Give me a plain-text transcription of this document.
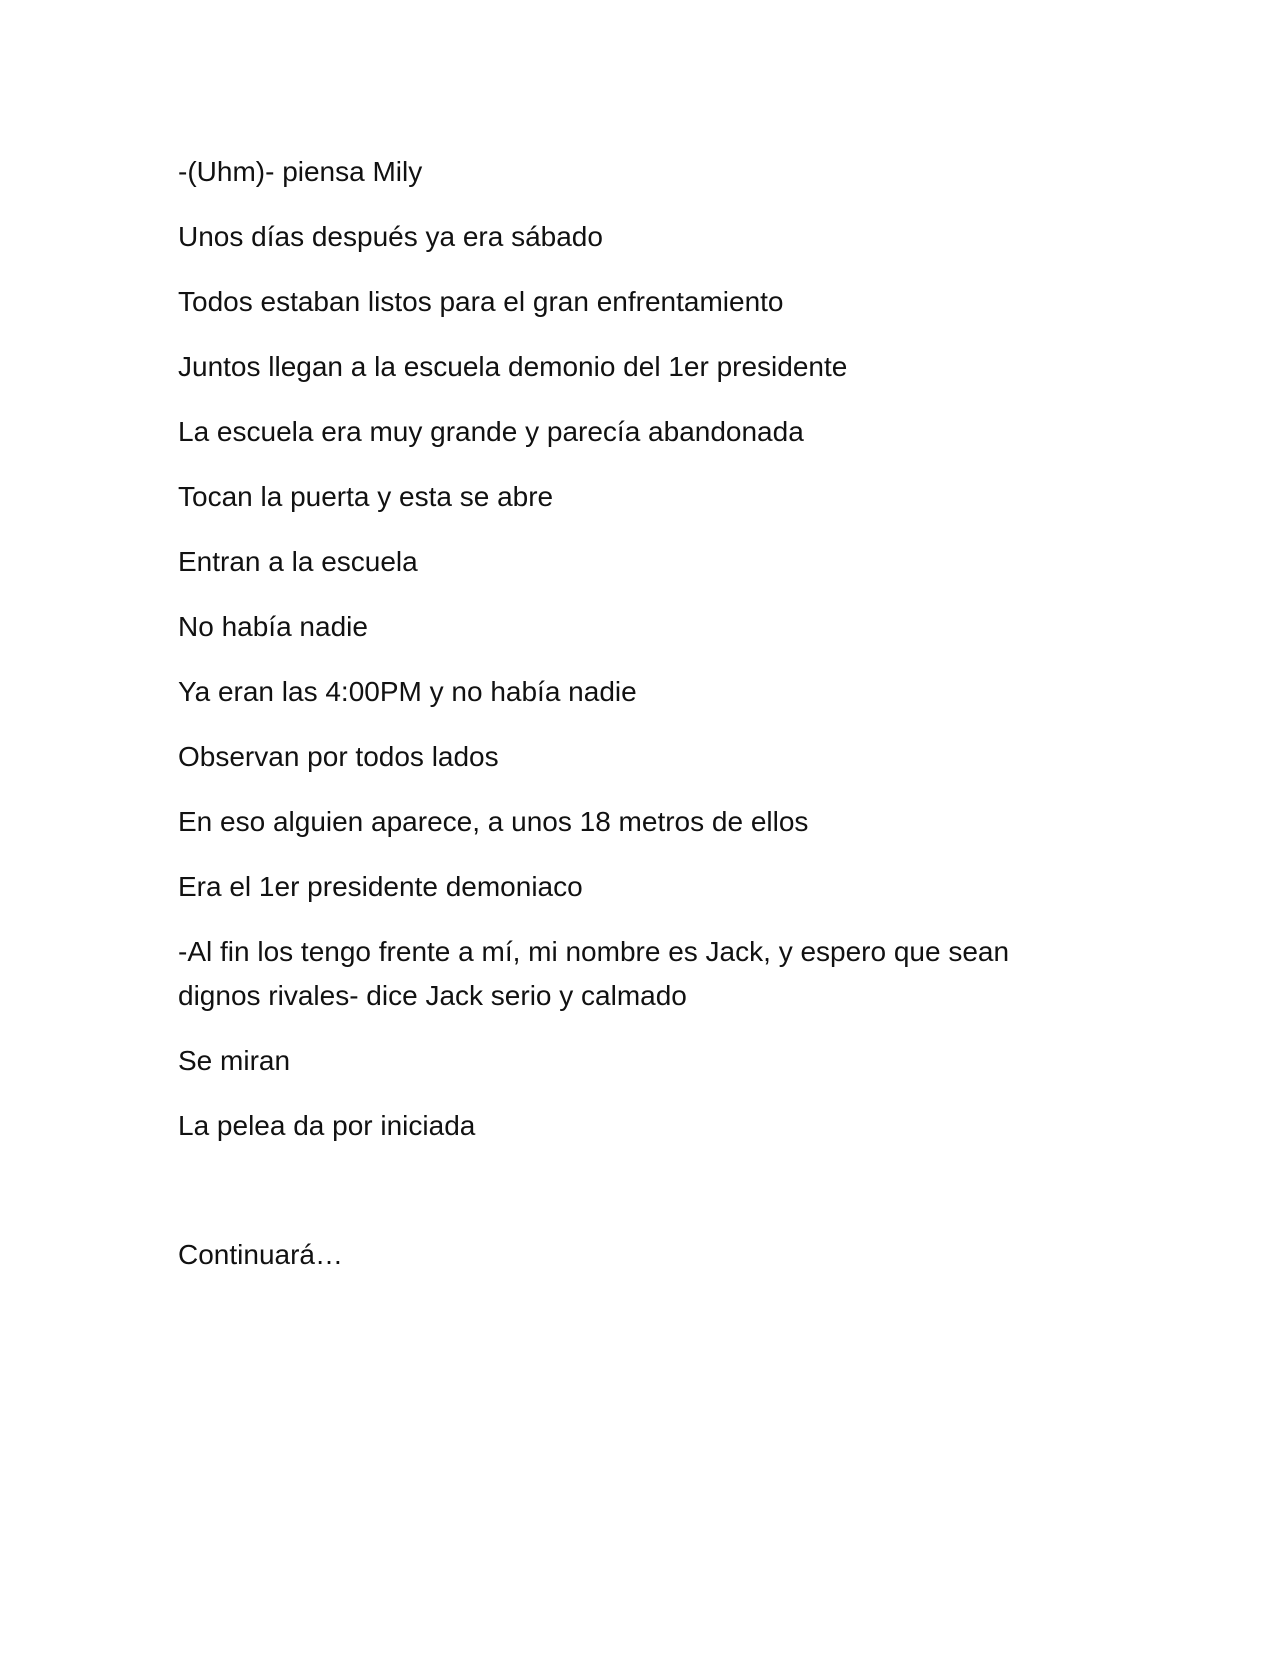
-(Uhm)- piensa Mily

Unos días después ya era sábado

Todos estaban listos para el gran enfrentamiento

Juntos llegan a la escuela demonio del 1er presidente

La escuela era muy grande y parecía abandonada

Tocan la puerta y esta se abre

Entran a la escuela

No había nadie

Ya eran las 4:00PM y no había nadie

Observan por todos lados

En eso alguien aparece, a unos 18 metros de ellos

Era el 1er presidente demoniaco

-Al fin los tengo frente a mí, mi nombre es Jack, y espero que sean dignos rivales- dice Jack serio y calmado

Se miran

La pelea da por iniciada

Continuará…
